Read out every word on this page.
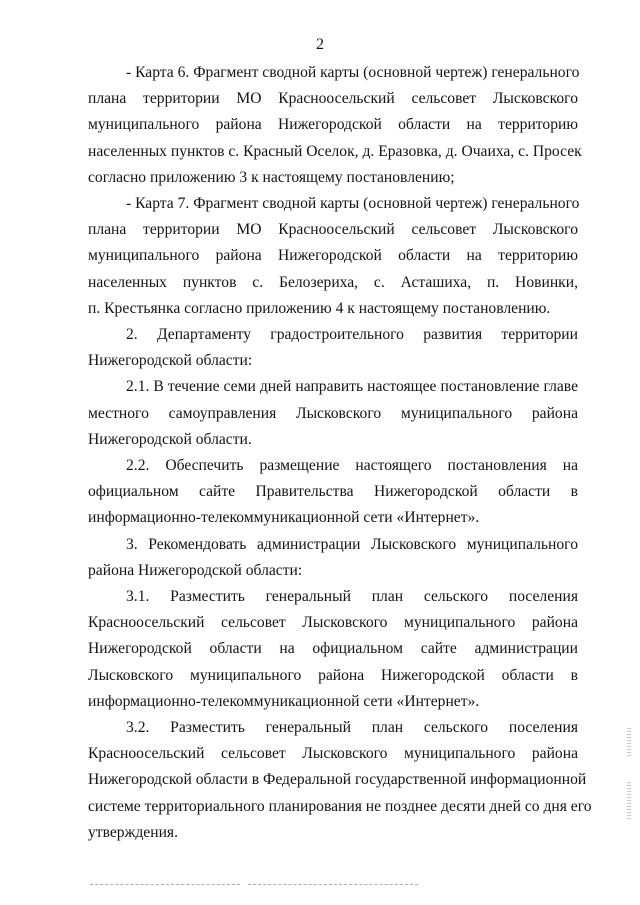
2
- Карта 6. Фрагмент сводной карты (основной чертеж) генерального
плана территории МО Красноосельский сельсовет Лысковского
муниципального района Нижегородской области на территорию
населенных пунктов с. Красный Оселок, д. Еразовка, д. Очаиха, с. Просек
согласно приложению 3 к настоящему постановлению;
- Карта 7. Фрагмент сводной карты (основной чертеж) генерального
плана территории МО Красноосельский сельсовет Лысковского
муниципального района Нижегородской области на территорию
населенных пунктов с. Белозериха, с. Асташиха, п. Новинки,
п. Крестьянка согласно приложению 4 к настоящему постановлению.
2. Департаменту градостроительного развития территории
Нижегородской области:
2.1. В течение семи дней направить настоящее постановление главе
местного самоуправления Лысковского муниципального района
Нижегородской области.
2.2. Обеспечить размещение настоящего постановления на
официальном сайте Правительства Нижегородской области в
информационно-телекоммуникационной сети «Интернет».
3. Рекомендовать администрации Лысковского муниципального
района Нижегородской области:
3.1. Разместить генеральный план сельского поселения
Красноосельский сельсовет Лысковского муниципального района
Нижегородской области на официальном сайте администрации
Лысковского муниципального района Нижегородской области в
информационно-телекоммуникационной сети «Интернет».
3.2. Разместить генеральный план сельского поселения
Красноосельский сельсовет Лысковского муниципального района
Нижегородской области в Федеральной государственной информационной
системе территориального планирования не позднее десяти дней со дня его
утверждения.
